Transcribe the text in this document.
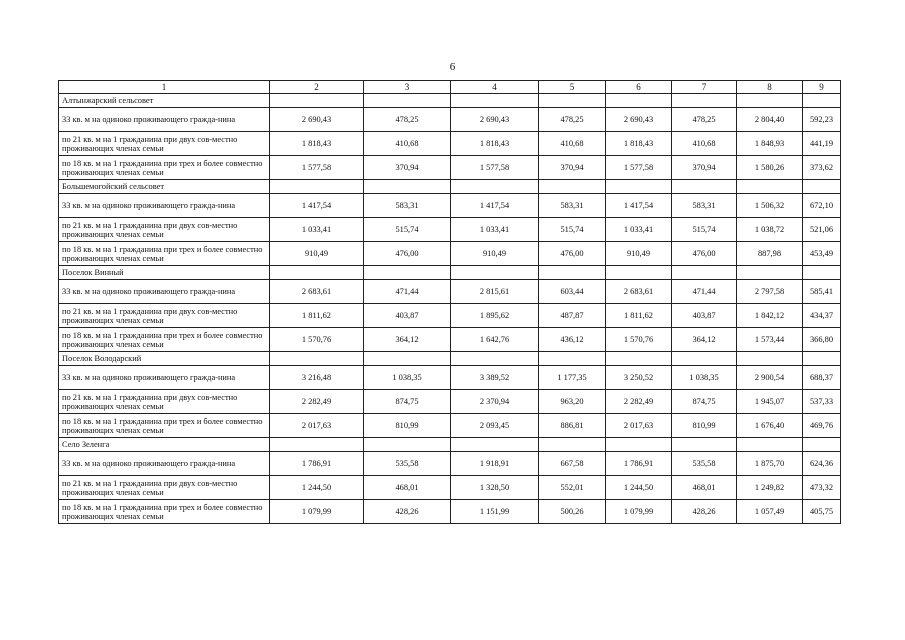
6
1	2	3	4	5	6	7	8	9
Алтынжарский сельсовет								
33 кв. м на одиноко проживающего гражда-нина	2 690,43	478,25	2 690,43	478,25	2 690,43	478,25	2 804,40	592,23
по 21 кв. м на 1 гражданина при двух сов-местно проживающих членах семьи	1 818,43	410,68	1 818,43	410,68	1 818,43	410,68	1 848,93	441,19
по 18 кв. м на 1 гражданина при трех и более совместно проживающих членах семьи	1 577,58	370,94	1 577,58	370,94	1 577,58	370,94	1 580,26	373,62
Большемогойский сельсовет								
33 кв. м на одиноко проживающего гражда-нина	1 417,54	583,31	1 417,54	583,31	1 417,54	583,31	1 506,32	672,10
по 21 кв. м на 1 гражданина при двух сов-местно проживающих членах семьи	1 033,41	515,74	1 033,41	515,74	1 033,41	515,74	1 038,72	521,06
по 18 кв. м на 1 гражданина при трех и более совместно проживающих членах семьи	910,49	476,00	910,49	476,00	910,49	476,00	887,98	453,49
Поселок Винный								
33 кв. м на одиноко проживающего гражда-нина	2 683,61	471,44	2 815,61	603,44	2 683,61	471,44	2 797,58	585,41
по 21 кв. м на 1 гражданина при двух сов-местно проживающих членах семьи	1 811,62	403,87	1 895,62	487,87	1 811,62	403,87	1 842,12	434,37
по 18 кв. м на 1 гражданина при трех и более совместно проживающих членах семьи	1 570,76	364,12	1 642,76	436,12	1 570,76	364,12	1 573,44	366,80
Поселок Володарский								
33 кв. м на одиноко проживающего гражда-нина	3 216,48	1 038,35	3 389,52	1 177,35	3 250,52	1 038,35	2 900,54	688,37
по 21 кв. м на 1 гражданина при двух сов-местно проживающих членах семьи	2 282,49	874,75	2 370,94	963,20	2 282,49	874,75	1 945,07	537,33
по 18 кв. м на 1 гражданина при трех и более совместно проживающих членах семьи	2 017,63	810,99	2 093,45	886,81	2 017,63	810,99	1 676,40	469,76
Село Зеленга								
33 кв. м на одиноко проживающего гражда-нина	1 786,91	535,58	1 918,91	667,58	1 786,91	535,58	1 875,70	624,36
по 21 кв. м на 1 гражданина при двух сов-местно проживающих членах семьи	1 244,50	468,01	1 328,50	552,01	1 244,50	468,01	1 249,82	473,32
по 18 кв. м на 1 гражданина при трех и более совместно проживающих членах семьи	1 079,99	428,26	1 151,99	500,26	1 079,99	428,26	1 057,49	405,75
